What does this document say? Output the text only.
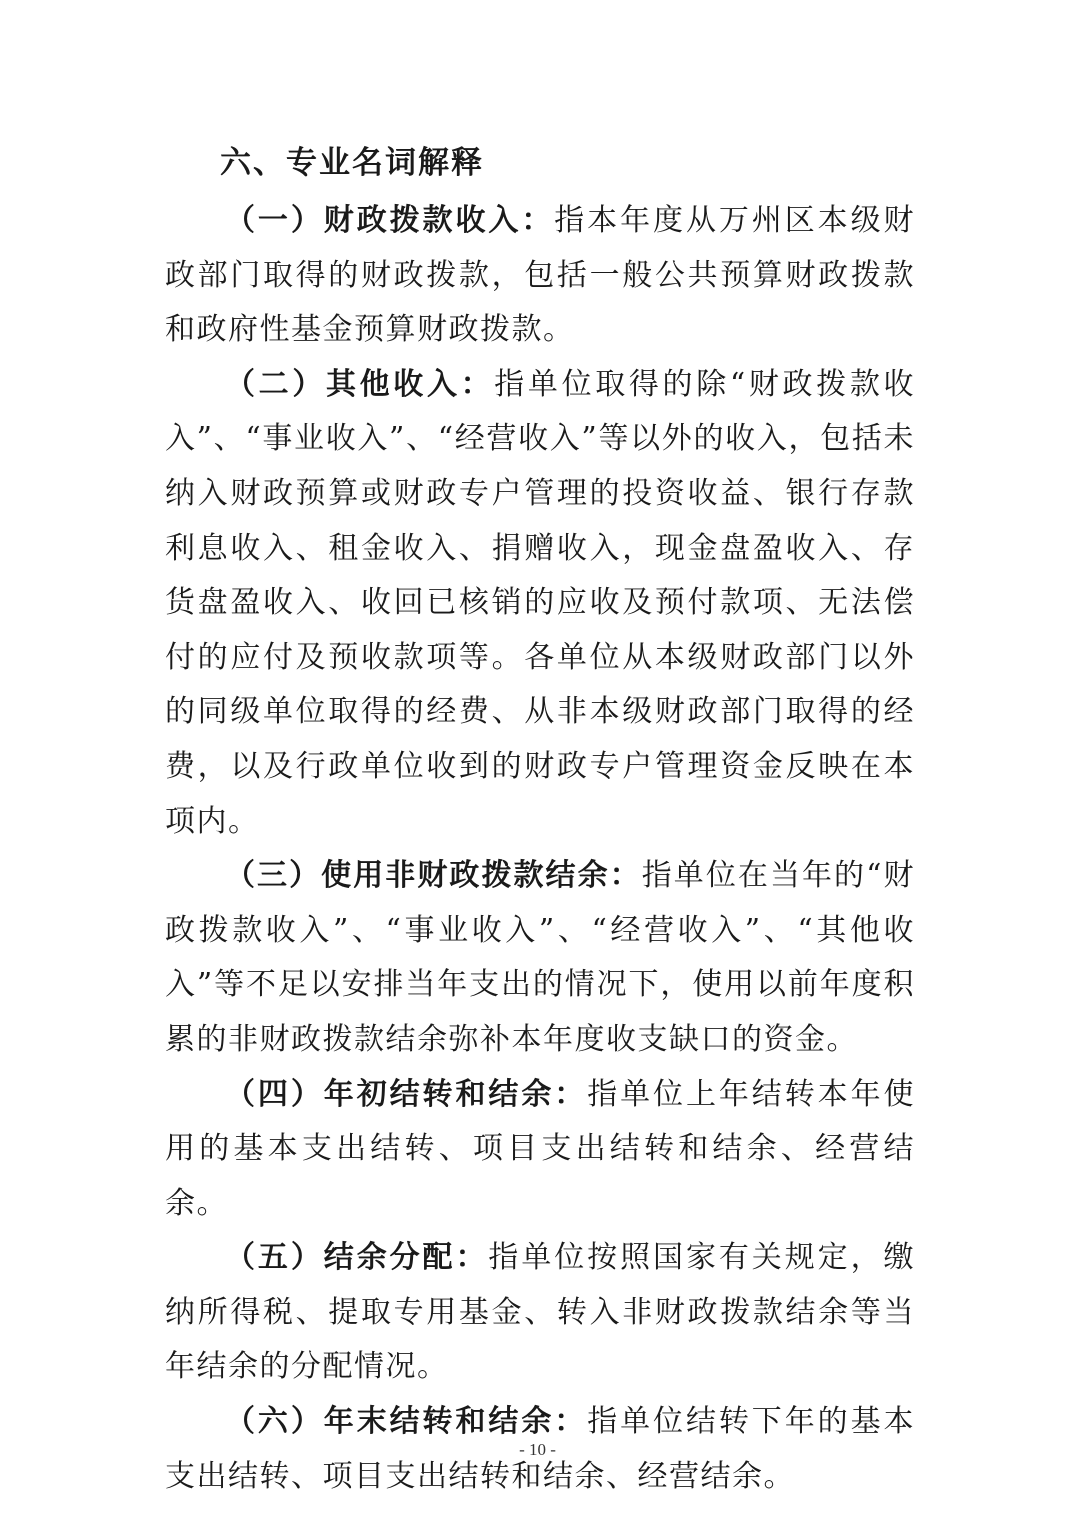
六、专业名词解释

（一）财政拨款收入：指本年度从万州区本级财政部门取得的财政拨款，包括一般公共预算财政拨款和政府性基金预算财政拨款。

（二）其他收入：指单位取得的除“财政拨款收入”、“事业收入”、“经营收入”等以外的收入，包括未纳入财政预算或财政专户管理的投资收益、银行存款利息收入、租金收入、捐赠收入，现金盘盈收入、存货盘盈收入、收回已核销的应收及预付款项、无法偿付的应付及预收款项等。各单位从本级财政部门以外的同级单位取得的经费、从非本级财政部门取得的经费，以及行政单位收到的财政专户管理资金反映在本项内。

（三）使用非财政拨款结余：指单位在当年的“财政拨款收入”、“事业收入”、“经营收入”、“其他收入”等不足以安排当年支出的情况下，使用以前年度积累的非财政拨款结余弥补本年度收支缺口的资金。

（四）年初结转和结余：指单位上年结转本年使用的基本支出结转、项目支出结转和结余、经营结余。

（五）结余分配：指单位按照国家有关规定，缴纳所得税、提取专用基金、转入非财政拨款结余等当年结余的分配情况。

（六）年末结转和结余：指单位结转下年的基本支出结转、项目支出结转和结余、经营结余。

- 10 -
